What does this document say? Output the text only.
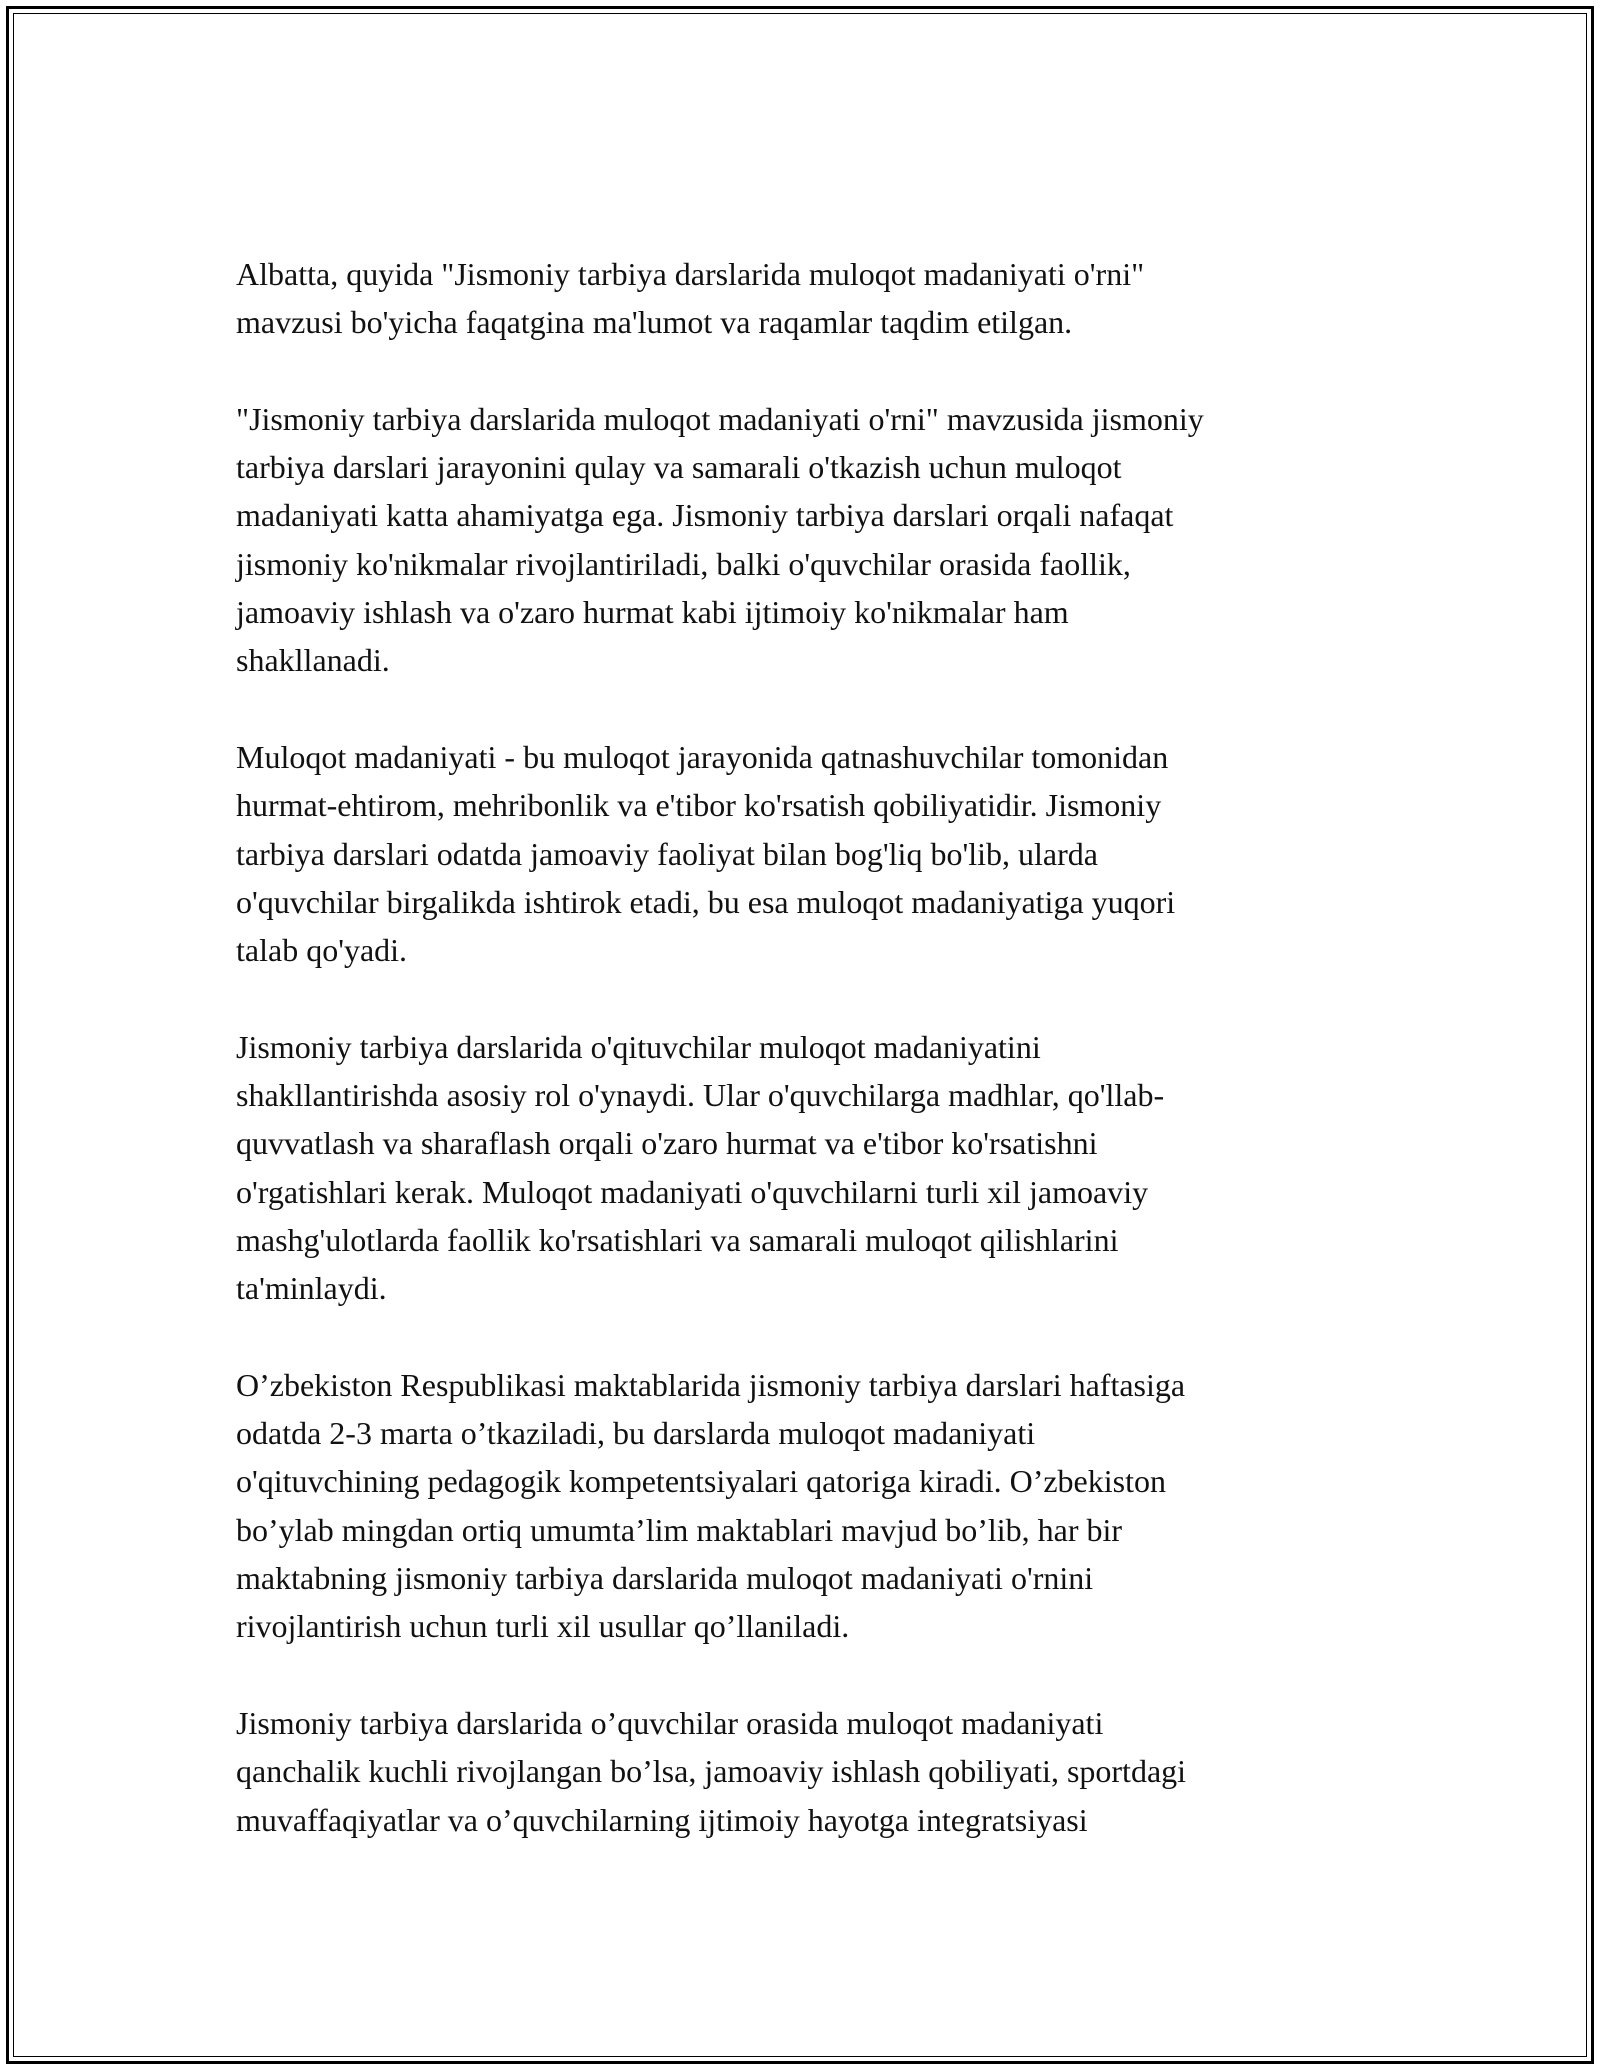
Albatta, quyida "Jismoniy tarbiya darslarida muloqot madaniyati o'rni"
mavzusi bo'yicha faqatgina ma'lumot va raqamlar taqdim etilgan.

"Jismoniy tarbiya darslarida muloqot madaniyati o'rni" mavzusida jismoniy
tarbiya darslari jarayonini qulay va samarali o'tkazish uchun muloqot
madaniyati katta ahamiyatga ega. Jismoniy tarbiya darslari orqali nafaqat
jismoniy ko'nikmalar rivojlantiriladi, balki o'quvchilar orasida faollik,
jamoaviy ishlash va o'zaro hurmat kabi ijtimoiy ko'nikmalar ham
shakllanadi.

Muloqot madaniyati - bu muloqot jarayonida qatnashuvchilar tomonidan
hurmat-ehtirom, mehribonlik va e'tibor ko'rsatish qobiliyatidir. Jismoniy
tarbiya darslari odatda jamoaviy faoliyat bilan bog'liq bo'lib, ularda
o'quvchilar birgalikda ishtirok etadi, bu esa muloqot madaniyatiga yuqori
talab qo'yadi.

Jismoniy tarbiya darslarida o'qituvchilar muloqot madaniyatini
shakllantirishda asosiy rol o'ynaydi. Ular o'quvchilarga madhlar, qo'llab-
quvvatlash va sharaflash orqali o'zaro hurmat va e'tibor ko'rsatishni
o'rgatishlari kerak. Muloqot madaniyati o'quvchilarni turli xil jamoaviy
mashg'ulotlarda faollik ko'rsatishlari va samarali muloqot qilishlarini
ta'minlaydi.

O’zbekiston Respublikasi maktablarida jismoniy tarbiya darslari haftasiga
odatda 2-3 marta o’tkaziladi, bu darslarda muloqot madaniyati
o'qituvchining pedagogik kompetentsiyalari qatoriga kiradi. O’zbekiston
bo’ylab mingdan ortiq umumta’lim maktablari mavjud bo’lib, har bir
maktabning jismoniy tarbiya darslarida muloqot madaniyati o'rnini
rivojlantirish uchun turli xil usullar qo’llaniladi.

Jismoniy tarbiya darslarida o’quvchilar orasida muloqot madaniyati
qanchalik kuchli rivojlangan bo’lsa, jamoaviy ishlash qobiliyati, sportdagi
muvaffaqiyatlar va o’quvchilarning ijtimoiy hayotga integratsiyasi
